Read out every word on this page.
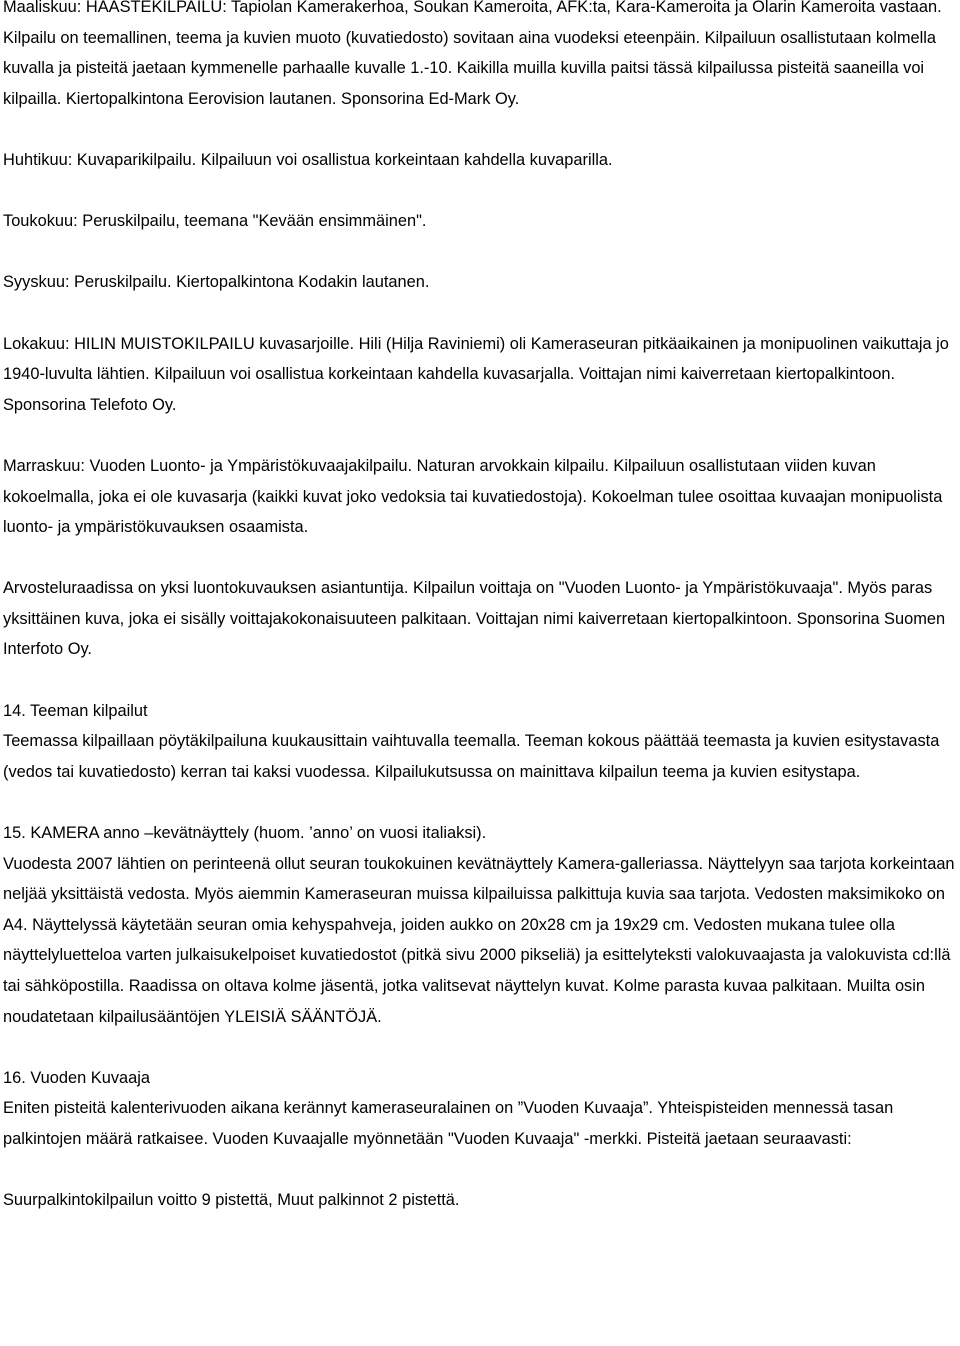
Maaliskuu: HAASTEKILPAILU: Tapiolan Kamerakerhoa, Soukan Kameroita, AFK:ta, Kara-Kameroita ja Olarin Kameroita vastaan. Kilpailu on teemallinen, teema ja kuvien muoto (kuvatiedosto) sovitaan aina vuodeksi eteenpäin. Kilpailuun osallistutaan kolmella kuvalla ja pisteitä jaetaan kymmenelle parhaalle kuvalle 1.-10. Kaikilla muilla kuvilla paitsi tässä kilpailussa pisteitä saaneilla voi kilpailla. Kiertopalkintona Eerovision lautanen. Sponsorina Ed-Mark Oy.

Huhtikuu: Kuvaparikilpailu. Kilpailuun voi osallistua korkeintaan kahdella kuvaparilla.

Toukokuu: Peruskilpailu, teemana "Kevään ensimmäinen".

Syyskuu: Peruskilpailu. Kiertopalkintona Kodakin lautanen.

Lokakuu: HILIN MUISTOKILPAILU kuvasarjoille. Hili (Hilja Raviniemi) oli Kameraseuran pitkäaikainen ja monipuolinen vaikuttaja jo 1940-luvulta lähtien. Kilpailuun voi osallistua korkeintaan kahdella kuvasarjalla. Voittajan nimi kaiverretaan kiertopalkintoon. Sponsorina Telefoto Oy.

Marraskuu: Vuoden Luonto- ja Ympäristökuvaajakilpailu. Naturan arvokkain kilpailu. Kilpailuun osallistutaan viiden kuvan kokoelmalla, joka ei ole kuvasarja (kaikki kuvat joko vedoksia tai kuvatiedostoja). Kokoelman tulee osoittaa kuvaajan monipuolista luonto- ja ympäristökuvauksen osaamista.

Arvosteluraadissa on yksi luontokuvauksen asiantuntija. Kilpailun voittaja on "Vuoden Luonto- ja Ympäristökuvaaja". Myös paras yksittäinen kuva, joka ei sisälly voittajakokonaisuuteen palkitaan. Voittajan nimi kaiverretaan kiertopalkintoon. Sponsorina Suomen Interfoto Oy.

14. Teeman kilpailut

Teemassa kilpaillaan pöytäkilpailuna kuukausittain vaihtuvalla teemalla. Teeman kokous päättää teemasta ja kuvien esitystavasta (vedos tai kuvatiedosto) kerran tai kaksi vuodessa. Kilpailukutsussa on mainittava kilpailun teema ja kuvien esitystapa.

15. KAMERA anno –kevätnäyttely (huom. ’anno’ on vuosi italiaksi).

Vuodesta 2007 lähtien on perinteenä ollut seuran toukokuinen kevätnäyttely Kamera-galleriassa. Näyttelyyn saa tarjota korkeintaan neljää yksittäistä vedosta. Myös aiemmin Kameraseuran muissa kilpailuissa palkittuja kuvia saa tarjota. Vedosten maksimikoko on A4. Näyttelyssä käytetään seuran omia kehyspahveja, joiden aukko on 20x28 cm ja 19x29 cm. Vedosten mukana tulee olla näyttelyluetteloa varten julkaisukelpoiset kuvatiedostot (pitkä sivu 2000 pikseliä) ja esittelyteksti valokuvaajasta ja valokuvista cd:llä tai sähköpostilla. Raadissa on oltava kolme jäsentä, jotka valitsevat näyttelyn kuvat. Kolme parasta kuvaa palkitaan. Muilta osin noudatetaan kilpailusääntöjen YLEISIÄ SÄÄNTÖJÄ.

16. Vuoden Kuvaaja

Eniten pisteitä kalenterivuoden aikana kerännyt kameraseuralainen on ”Vuoden Kuvaaja”. Yhteispisteiden mennessä tasan palkintojen määrä ratkaisee. Vuoden Kuvaajalle myönnetään "Vuoden Kuvaaja" -merkki. Pisteitä jaetaan seuraavasti:

Suurpalkintokilpailun voitto 9 pistettä, Muut palkinnot 2 pistettä.
